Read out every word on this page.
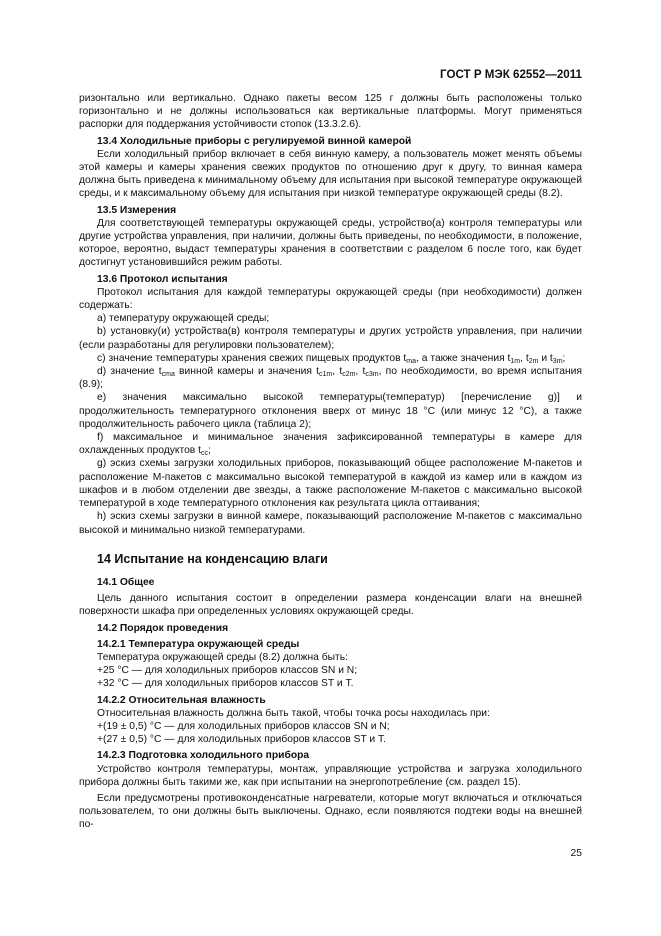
ГОСТ Р МЭК 62552—2011

ризонтально или вертикально. Однако пакеты весом 125 г должны быть расположены только горизонтально и не должны использоваться как вертикальные платформы. Могут применяться распорки для поддержания устойчивости стопок (13.3.2.6).

13.4 Холодильные приборы с регулируемой винной камерой

Если холодильный прибор включает в себя винную камеру, а пользователь может менять объемы этой камеры и камеры хранения свежих продуктов по отношению друг к другу, то винная камера должна быть приведена к минимальному объему для испытания при высокой температуре окружающей среды, и к максимальному объему для испытания при низкой температуре окружающей среды (8.2).

13.5 Измерения

Для соответствующей температуры окружающей среды, устройство(а) контроля температуры или другие устройства управления, при наличии, должны быть приведены, по необходимости, в положение, которое, вероятно, выдаст температуры хранения в соответствии с разделом 6 после того, как будет достигнут установившийся режим работы.

13.6 Протокол испытания

Протокол испытания для каждой температуры окружающей среды (при необходимости) должен содержать:

a) температуру окружающей среды;

b) установку(и) устройства(в) контроля температуры и других устройств управления, при наличии (если разработаны для регулировки пользователем);

c) значение температуры хранения свежих пищевых продуктов $t_{ma}$, а также значения $t_{1m}$, $t_{2m}$ и $t_{3m}$;

d) значение $t_{cma}$ винной камеры и значения $t_{c1m}$, $t_{c2m}$, $t_{c3m}$, по необходимости, во время испытания (8.9);

e) значения максимально высокой температуры(температур) [перечисление g)] и продолжительность температурного отклонения вверх от минус 18 °С (или минус 12 °С), а также продолжительность рабочего цикла (таблица 2);

f) максимальное и минимальное значения зафиксированной температуры в камере для охлажденных продуктов $t_{cc}$;

g) эскиз схемы загрузки холодильных приборов, показывающий общее расположение М-пакетов и расположение М-пакетов с максимально высокой температурой в каждой из камер или в каждом из шкафов и в любом отделении две звезды, а также расположение М-пакетов с максимально высокой температурой в ходе температурного отклонения как результата цикла оттаивания;

h) эскиз схемы загрузки в винной камере, показывающий расположение М-пакетов с максимально высокой и минимально низкой температурами.

14 Испытание на конденсацию влаги

14.1 Общее

Цель данного испытания состоит в определении размера конденсации влаги на внешней поверхности шкафа при определенных условиях окружающей среды.

14.2 Порядок проведения

14.2.1 Температура окружающей среды

Температура окружающей среды (8.2) должна быть:

+25 °С — для холодильных приборов классов SN и N;

+32 °С — для холодильных приборов классов ST и Т.

14.2.2 Относительная влажность

Относительная влажность должна быть такой, чтобы точка росы находилась при:

+(19 ± 0,5) °С — для холодильных приборов классов SN и N;

+(27 ± 0,5) °С — для холодильных приборов классов ST и Т.

14.2.3 Подготовка холодильного прибора

Устройство контроля температуры, монтаж, управляющие устройства и загрузка холодильного прибора должны быть такими же, как при испытании на энергопотребление (см. раздел 15).

Если предусмотрены противоконденсатные нагреватели, которые могут включаться и отключаться пользователем, то они должны быть выключены. Однако, если появляются подтеки воды на внешней по-

25
